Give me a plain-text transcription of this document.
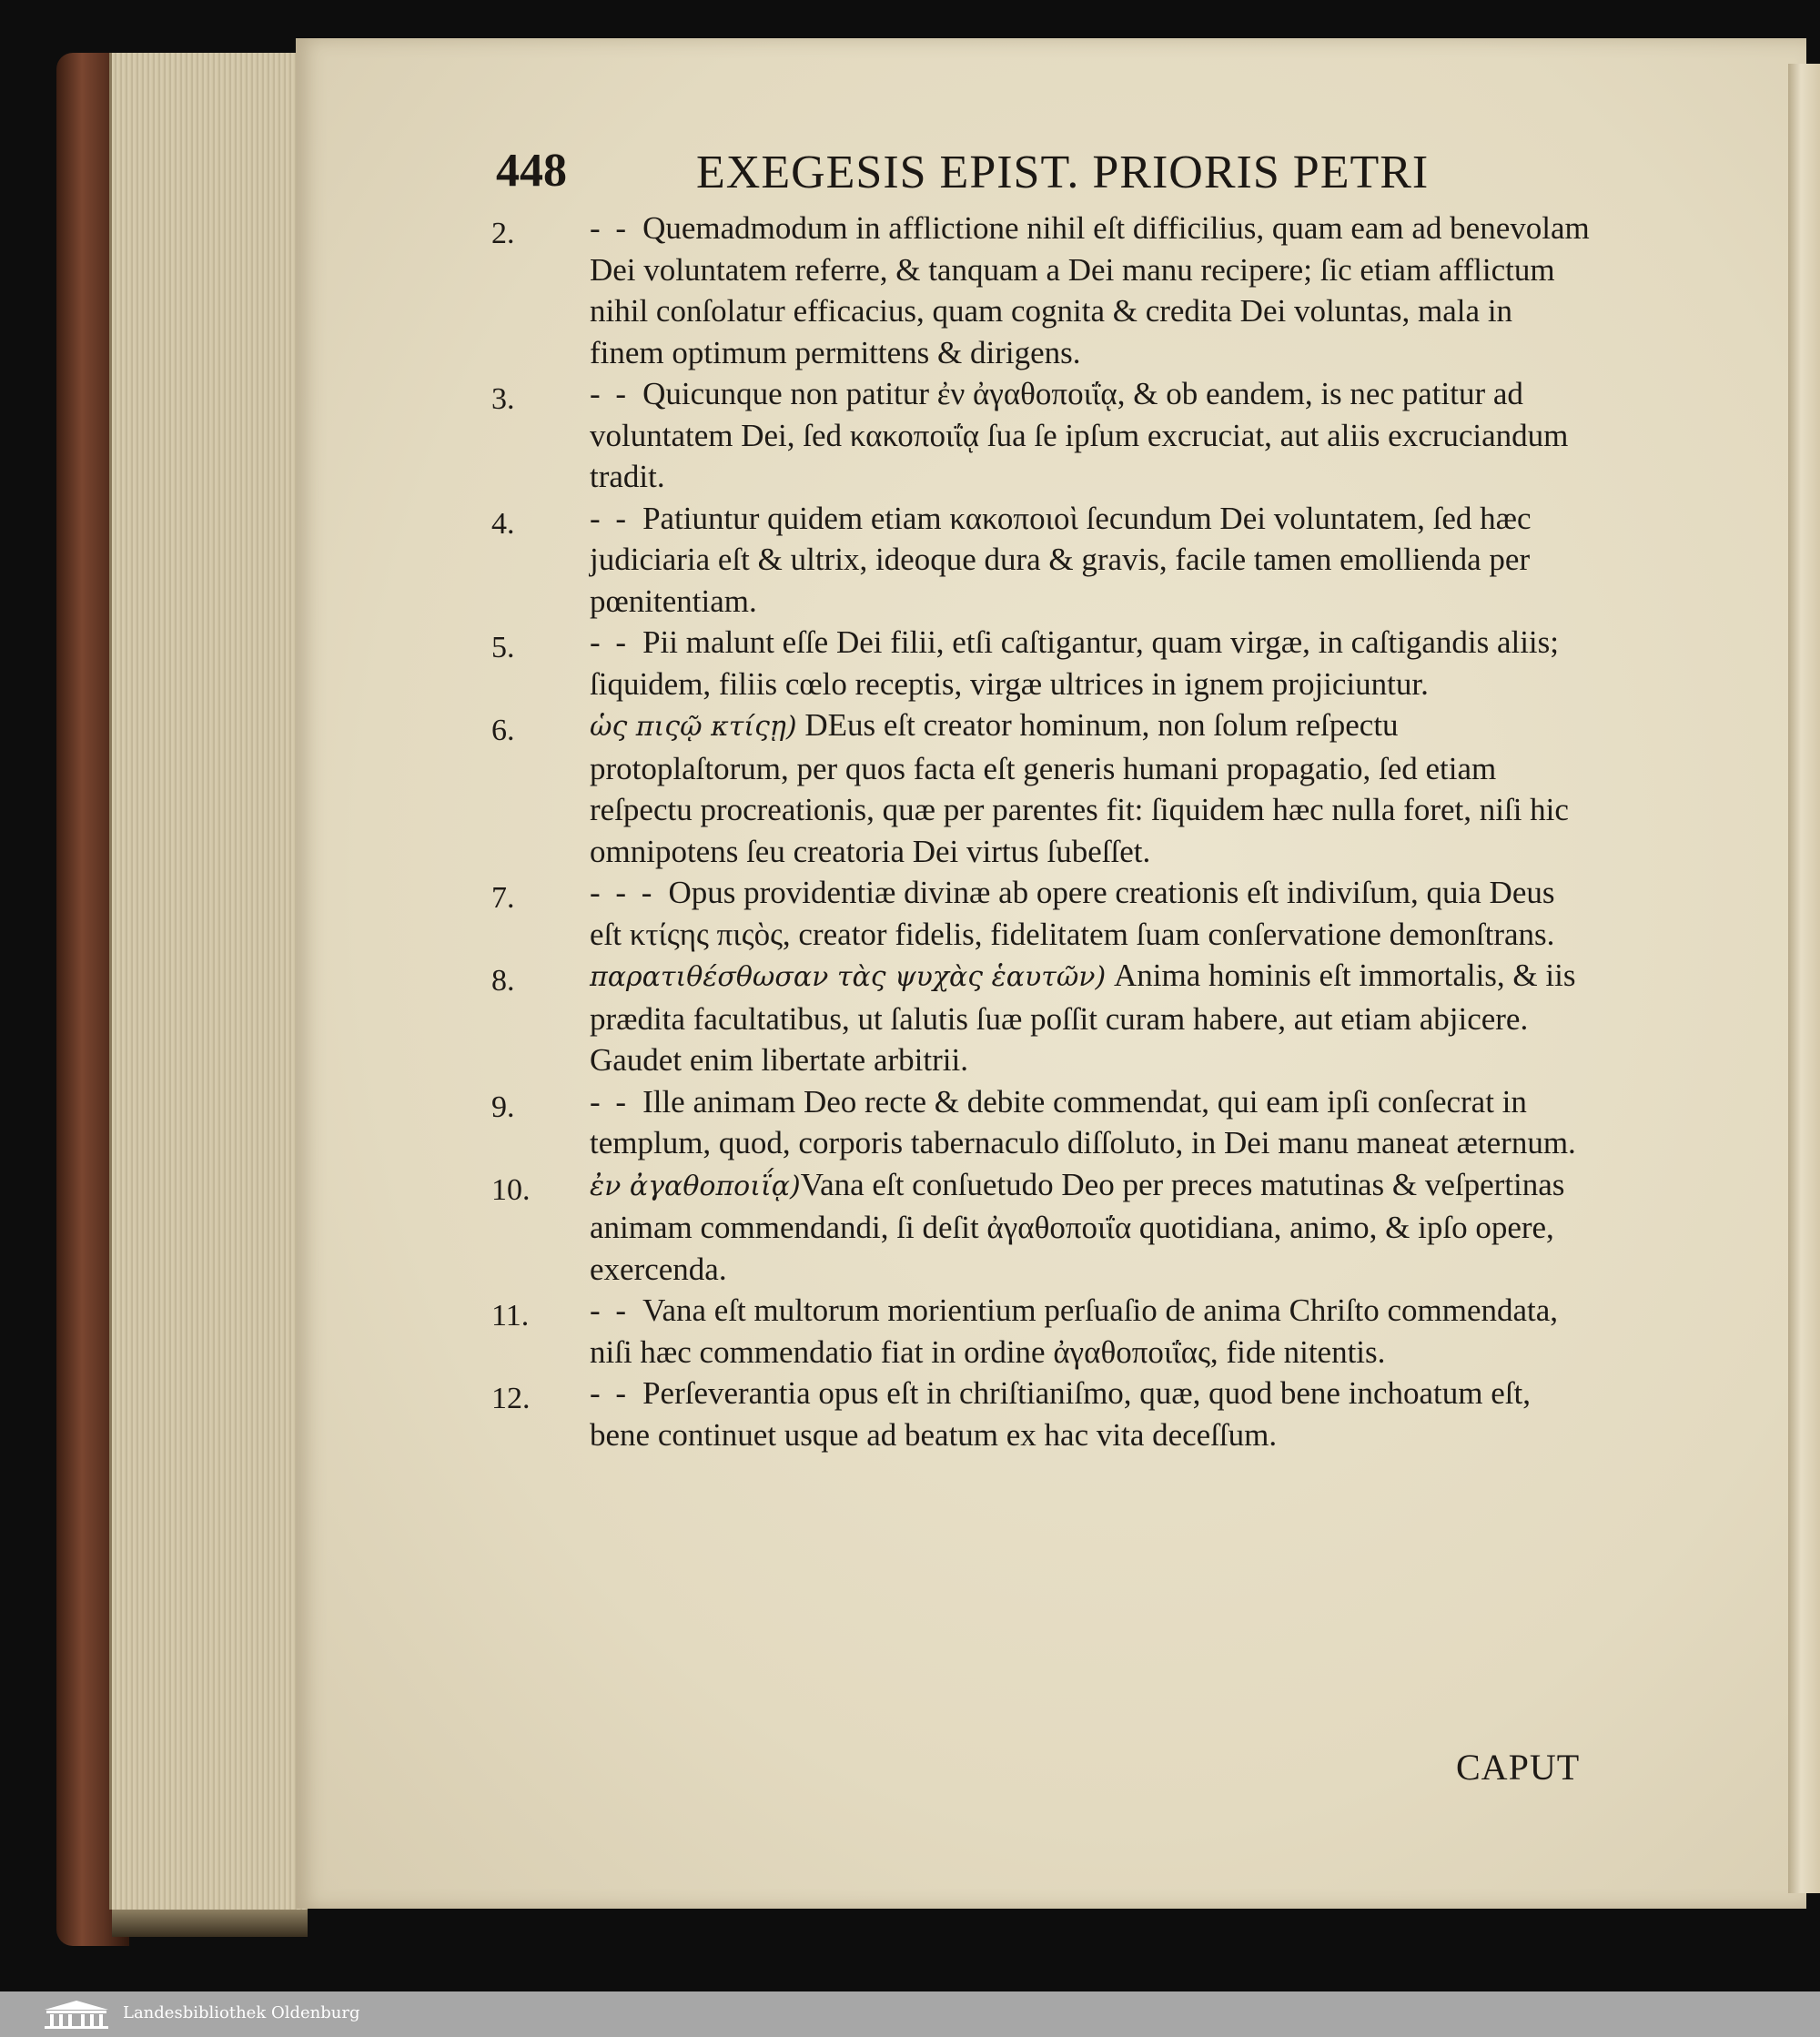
448	EXEGESIS EPIST. PRIORIS PETRI

2.	- - Quemadmodum in afflictione nihil eſt difficilius, quam eam ad benevolam Dei voluntatem referre, & tanquam a Dei manu recipere; ſic etiam afflictum nihil conſolatur efficacius, quam cognita & credita Dei voluntas, mala in finem optimum permittens & dirigens.

3.	- - Quicunque non patitur ἐν ἀγαθοποιΐᾳ, & ob eandem, is nec patitur ad voluntatem Dei, ſed κακοποιΐᾳ ſua ſe ipſum excruciat, aut aliis excruciandum tradit.

4.	- - Patiuntur quidem etiam κακοποιοὶ ſecundum Dei voluntatem, ſed hæc judiciaria eſt & ultrix, ideoque dura & gravis, facile tamen emollienda per pœnitentiam.

5.	- - Pii malunt eſſe Dei filii, etſi caſtigantur, quam virgæ, in caſtigandis aliis; ſiquidem, filiis cœlo receptis, virgæ ultrices in ignem projiciuntur.

6.	ὡς πιςῷ κτίςῃ) DEus eſt creator hominum, non ſolum reſpectu protoplaſtorum, per quos facta eſt generis humani propagatio, ſed etiam reſpectu procreationis, quæ per parentes fit: ſiquidem hæc nulla foret, niſi hic omnipotens ſeu creatoria Dei virtus ſubeſſet.

7.	- - - Opus providentiæ divinæ ab opere creationis eſt indiviſum, quia Deus eſt κτίςης πιςὸς, creator fidelis, fidelitatem ſuam conſervatione demonſtrans.

8.	παρατιθέσθωσαν τὰς ψυχὰς ἑαυτῶν) Anima hominis eſt immortalis, & iis prædita facultatibus, ut ſalutis ſuæ poſſit curam habere, aut etiam abjicere. Gaudet enim libertate arbitrii.

9.	- - Ille animam Deo recte & debite commendat, qui eam ipſi conſecrat in templum, quod, corporis tabernaculo diſſoluto, in Dei manu maneat æternum.

10.	ἐν ἀγαθοποιΐᾳ)Vana eſt conſuetudo Deo per preces matutinas & veſpertinas animam commendandi, ſi deſit ἀγαθοποιΐα quotidiana, animo, & ipſo opere, exercenda.

11.	- - Vana eſt multorum morientium perſuaſio de anima Chriſto commendata, niſi hæc commendatio fiat in ordine ἀγαθοποιΐας, fide nitentis.

12. - - Perſeverantia opus eſt in chriſtianiſmo, quæ, quod bene inchoatum eſt, bene continuet usque ad beatum ex hac vita deceſſum.

CAPUT
Landesbibliothek Oldenburg
